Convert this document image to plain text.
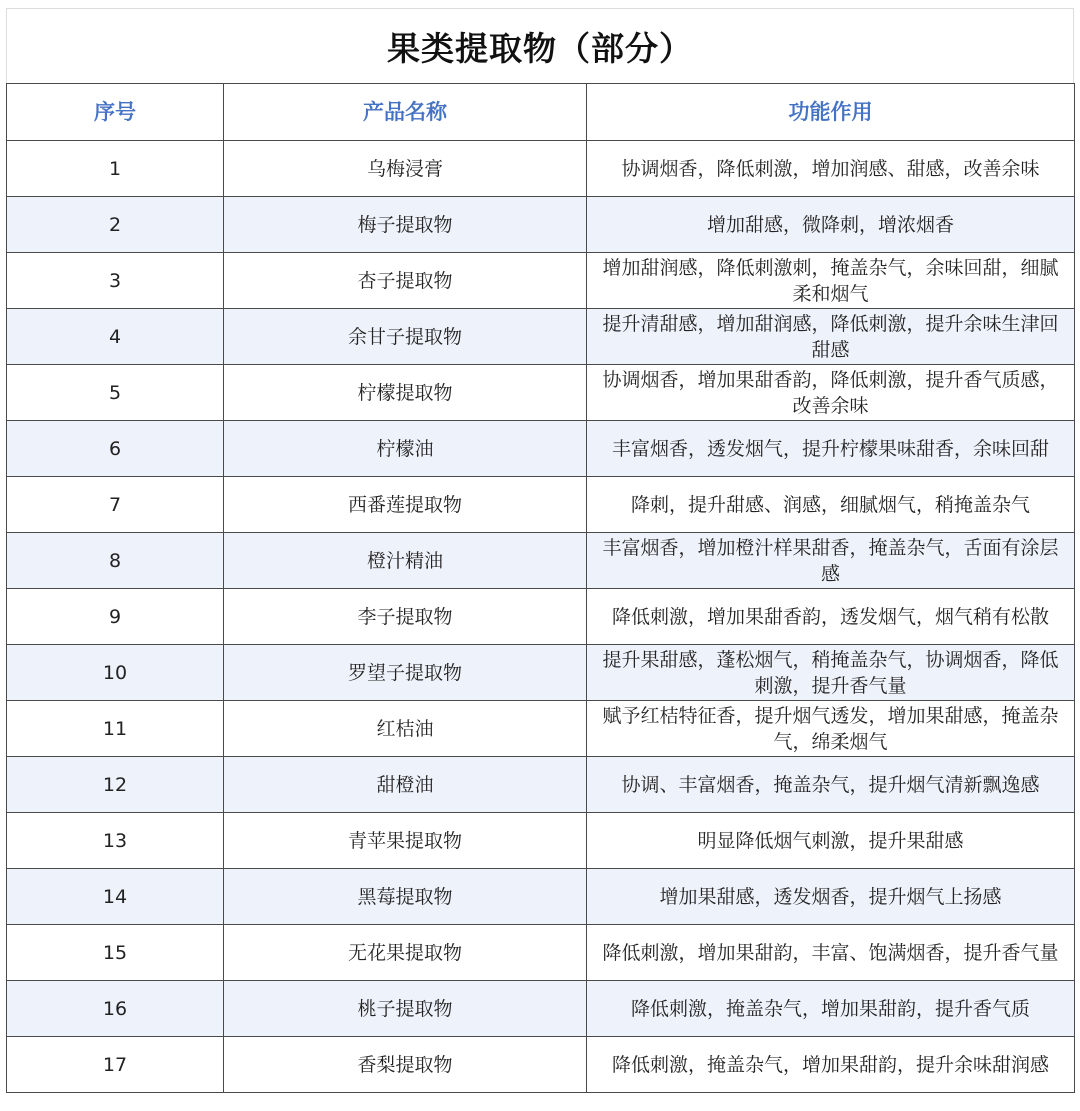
果类提取物（部分）
序号	产品名称	功能作用
1	乌梅浸膏	协调烟香，降低刺激，增加润感、甜感，改善余味
2	梅子提取物	增加甜感，微降刺，增浓烟香
3	杏子提取物	增加甜润感，降低刺激刺，掩盖杂气，余味回甜，细腻柔和烟气
4	余甘子提取物	提升清甜感，增加甜润感，降低刺激，提升余味生津回甜感
5	柠檬提取物	协调烟香，增加果甜香韵，降低刺激，提升香气质感，改善余味
6	柠檬油	丰富烟香，透发烟气，提升柠檬果味甜香，余味回甜
7	西番莲提取物	降刺，提升甜感、润感，细腻烟气，稍掩盖杂气
8	橙汁精油	丰富烟香，增加橙汁样果甜香，掩盖杂气，舌面有涂层感
9	李子提取物	降低刺激，增加果甜香韵，透发烟气，烟气稍有松散
10	罗望子提取物	提升果甜感，蓬松烟气，稍掩盖杂气，协调烟香，降低刺激，提升香气量
11	红桔油	赋予红桔特征香，提升烟气透发，增加果甜感，掩盖杂气，绵柔烟气
12	甜橙油	协调、丰富烟香，掩盖杂气，提升烟气清新飘逸感
13	青苹果提取物	明显降低烟气刺激，提升果甜感
14	黑莓提取物	增加果甜感，透发烟香，提升烟气上扬感
15	无花果提取物	降低刺激，增加果甜韵，丰富、饱满烟香，提升香气量
16	桃子提取物	降低刺激，掩盖杂气，增加果甜韵，提升香气质
17	香梨提取物	降低刺激，掩盖杂气，增加果甜韵，提升余味甜润感
